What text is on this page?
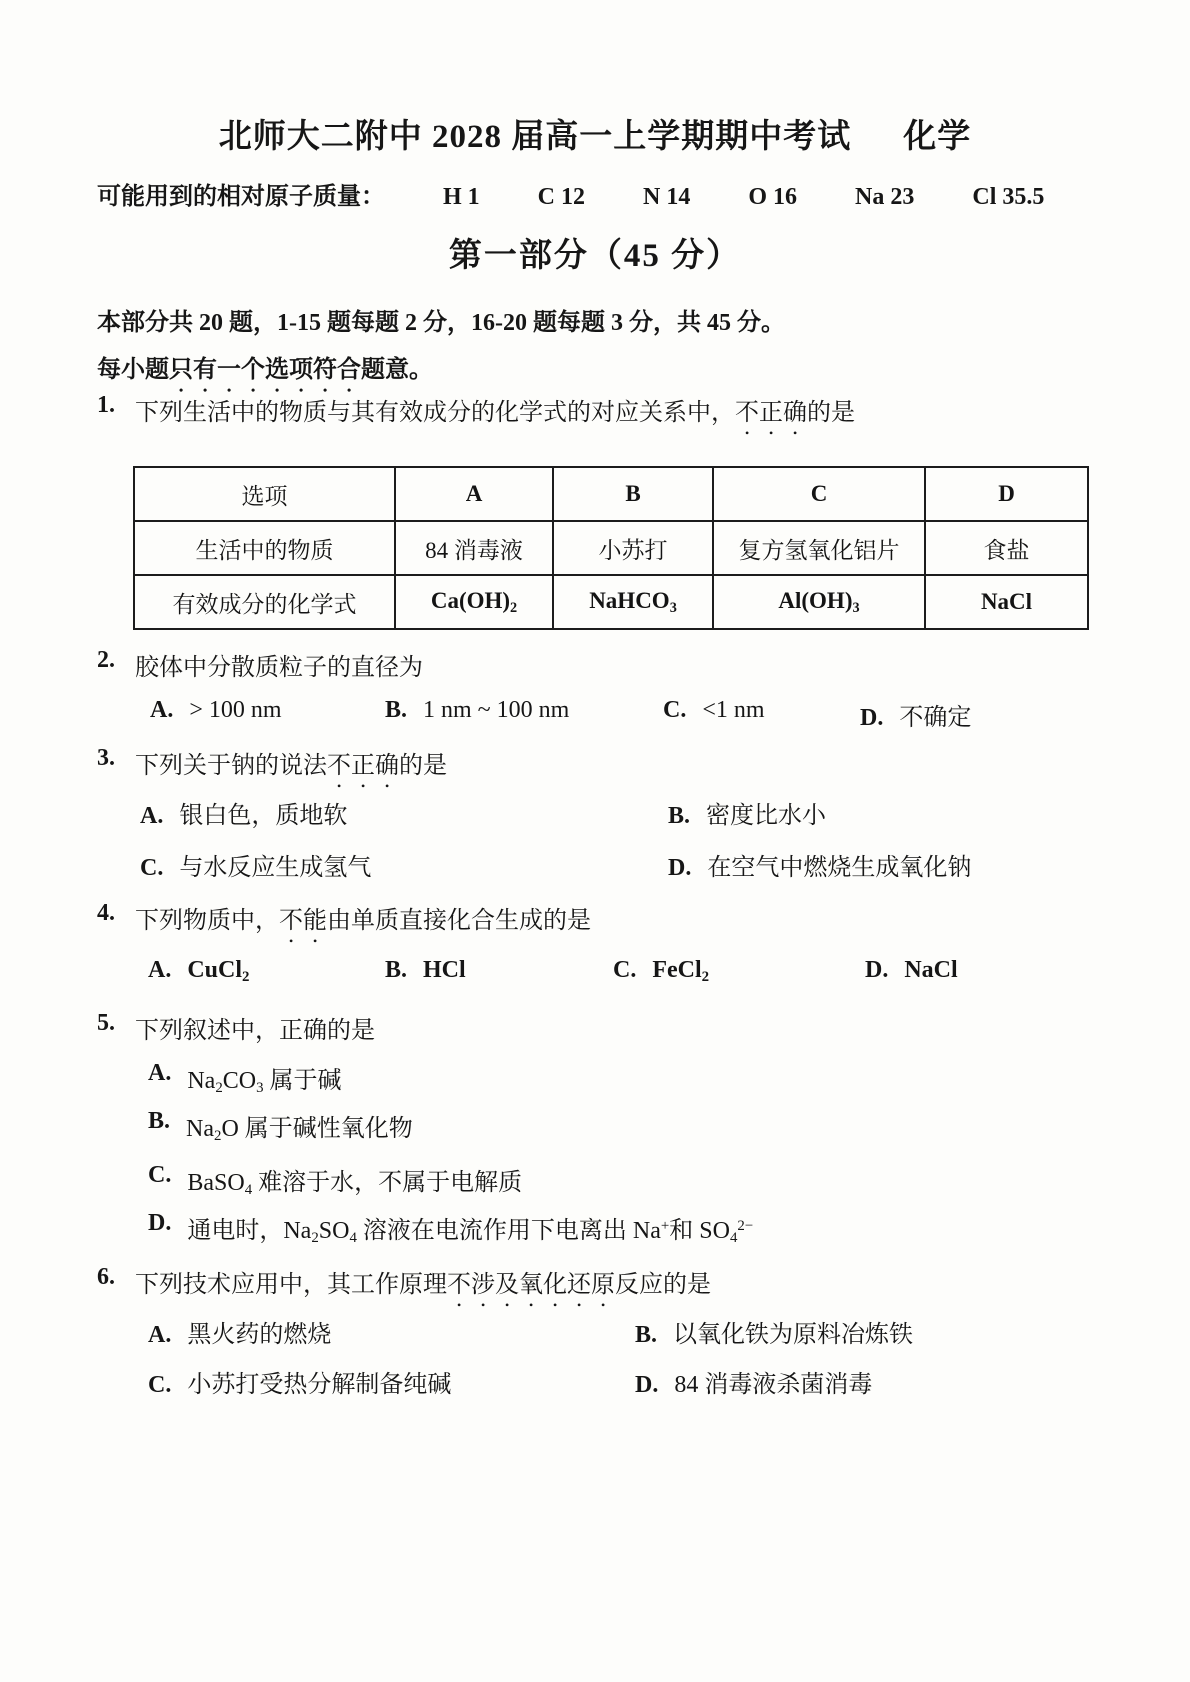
北师大二附中 2028 届高一上学期期中考试 化学
可能用到的相对原子质量： H 1 C 12 N 14 O 16 Na 23 Cl 35.5
第一部分（45 分）
本部分共 20 题，1-15 题每题 2 分，16-20 题每题 3 分，共 45 分。
每小题只有一个选项符合题意。
1. 下列生活中的物质与其有效成分的化学式的对应关系中，不正确的是
选项	A	B	C	D
生活中的物质	84 消毒液	小苏打	复方氢氧化铝片	食盐
有效成分的化学式	$Ca(OH)_2$	NaHCO$_3$	$Al(OH)_3$	NaCl
2. 胶体中分散质粒子的直径为
A. > 100 nm	B. 1 nm ~ 100 nm	C. <1 nm	D. 不确定
3. 下列关于钠的说法不正确的是
A. 银白色，质地软	B. 密度比水小
C. 与水反应生成氢气	D. 在空气中燃烧生成氧化钠
4. 下列物质中，不能由单质直接化合生成的是
A. CuCl$_2$	B. HCl	C. FeCl$_2$	D. NaCl
5. 下列叙述中，正确的是
A. $Na_2CO_3$ 属于碱
B. $Na_2O$ 属于碱性氧化物
C. BaSO$_4$ 难溶于水，不属于电解质
D. 通电时，$Na_2SO_4$ 溶液在电流作用下电离出 Na+和 $SO_4^{2-}$
6. 下列技术应用中，其工作原理不涉及氧化还原反应的是
A. 黑火药的燃烧	B. 以氧化铁为原料冶炼铁
C. 小苏打受热分解制备纯碱	D. 84 消毒液杀菌消毒
